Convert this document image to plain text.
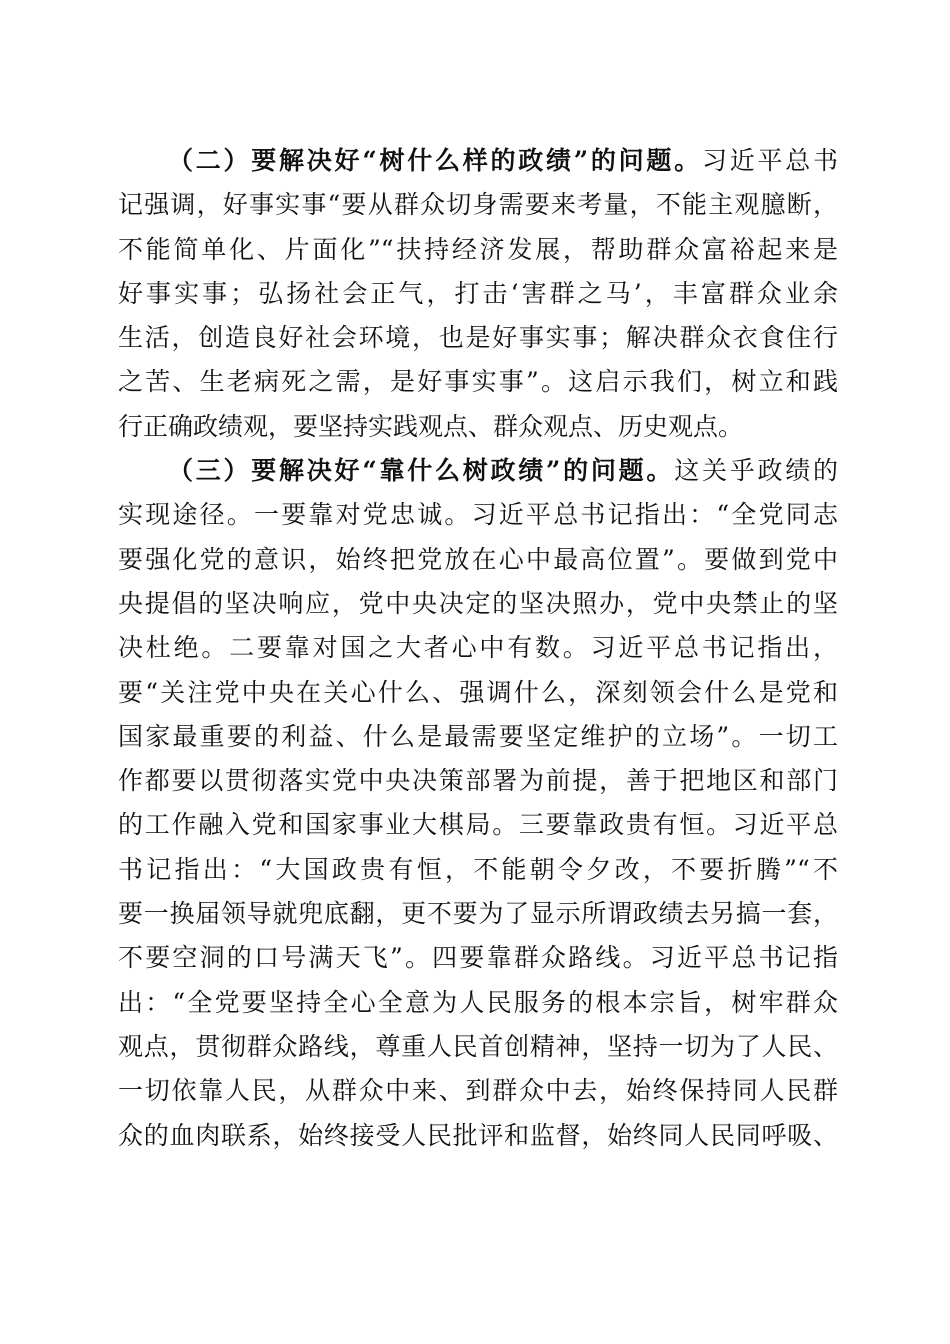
（二）要解决好“树什么样的政绩”的问题。习近平总书
记强调，好事实事“要从群众切身需要来考量，不能主观臆断，
不能简单化、片面化”“扶持经济发展，帮助群众富裕起来是
好事实事；弘扬社会正气，打击‘害群之马’，丰富群众业余
生活，创造良好社会环境，也是好事实事；解决群众衣食住行
之苦、生老病死之需，是好事实事”。这启示我们，树立和践
行正确政绩观，要坚持实践观点、群众观点、历史观点。
（三）要解决好“靠什么树政绩”的问题。这关乎政绩的
实现途径。一要靠对党忠诚。习近平总书记指出：“全党同志
要强化党的意识，始终把党放在心中最高位置”。要做到党中
央提倡的坚决响应，党中央决定的坚决照办，党中央禁止的坚
决杜绝。二要靠对国之大者心中有数。习近平总书记指出，
要“关注党中央在关心什么、强调什么，深刻领会什么是党和
国家最重要的利益、什么是最需要坚定维护的立场”。一切工
作都要以贯彻落实党中央决策部署为前提，善于把地区和部门
的工作融入党和国家事业大棋局。三要靠政贵有恒。习近平总
书记指出：“大国政贵有恒，不能朝令夕改，不要折腾”“不
要一换届领导就兜底翻，更不要为了显示所谓政绩去另搞一套，
不要空洞的口号满天飞”。四要靠群众路线。习近平总书记指
出：“全党要坚持全心全意为人民服务的根本宗旨，树牢群众
观点，贯彻群众路线，尊重人民首创精神，坚持一切为了人民、
一切依靠人民，从群众中来、到群众中去，始终保持同人民群
众的血肉联系，始终接受人民批评和监督，始终同人民同呼吸、
